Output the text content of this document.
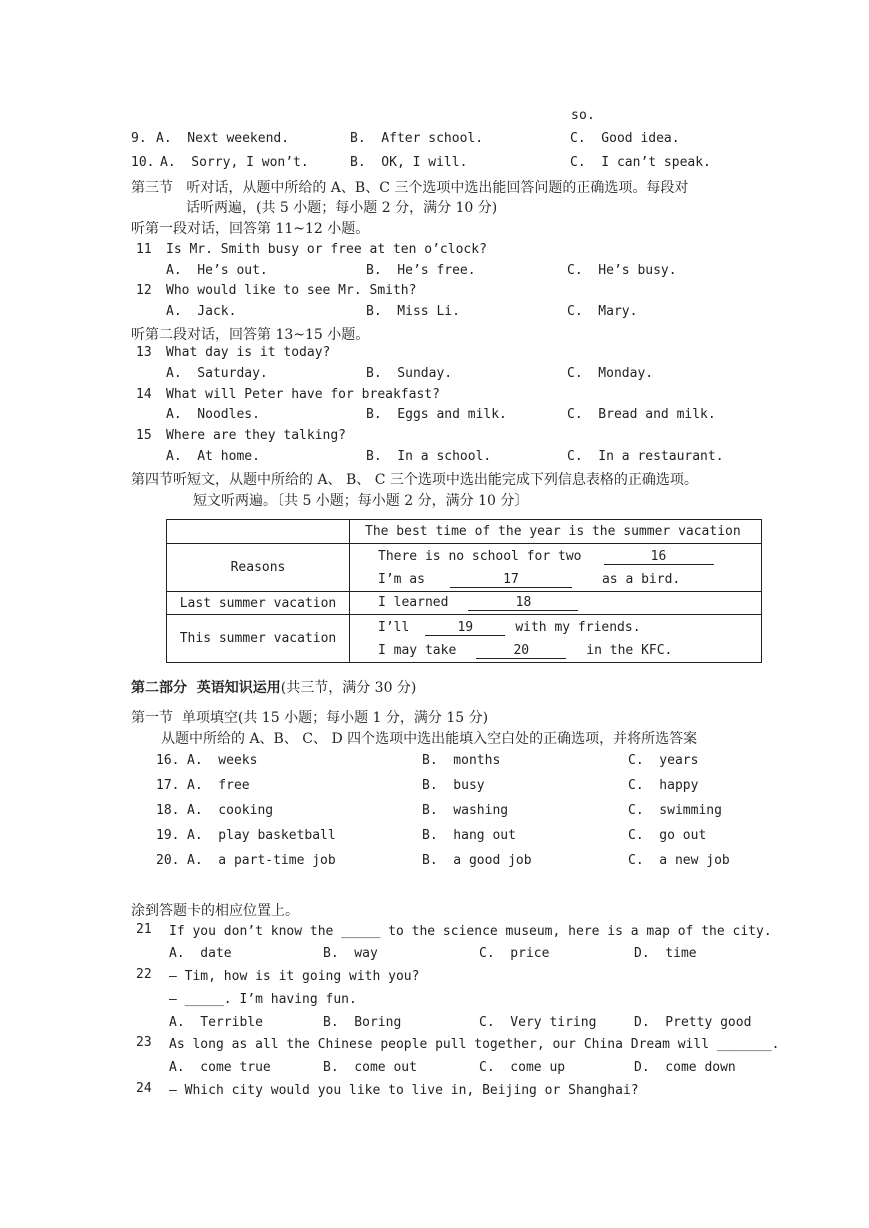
so.
9. A.  Next weekend.	B.  After school.	C.  Good idea.
10. A.  Sorry, I won’t.	B.  OK, I will.	C.  I can’t speak.
第三节   听对话，从题中所给的 A、B、C 三个选项中选出能回答问题的正确选项。每段对
话听两遍，(共 5 小题；每小题 2 分，满分 10 分)
听第一段对话，回答第 11~12 小题。
11 Is Mr. Smith busy or free at ten o’clock?
A.  He’s out.	B.  He’s free.	C.  He’s busy.
12 Who would like to see Mr. Smith?
A.  Jack.	B.  Miss Li.	C.  Mary.
听第二段对话，回答第 13~15 小题。
13 What day is it today?
A.  Saturday.	B.  Sunday.	C.  Monday.
14 What will Peter have for breakfast?
A.  Noodles.	B.  Eggs and milk.	C.  Bread and milk.
15 Where are they talking?
A.  At home.	B.  In a school.	C.  In a restaurant.
第四节听短文，从题中所给的 A、 B、 C 三个选项中选出能完成下列信息表格的正确选项。
短文听两遍。〔共 5 小题；每小题 2 分，满分 10 分〕
	The best time of the year is the summer vacation
Reasons	There is no school for two 16
I’m as 17 as a bird.

Last summer vacation	I learned 18
This summer vacation	I’ll 19 with my friends.
I may take 20 in the KFC.
第二部分  英语知识运用(共三节，满分 30 分)
第一节  单项填空(共 15 小题；每小题 1 分，满分 15 分)
从题中所给的 A、B、 C、 D 四个选项中选出能填入空白处的正确选项，并将所选答案
16. A.  weeks	B.  months	C.  years
17. A.  free	B.  busy	C.  happy
18. A.  cooking	B.  washing	C.  swimming
19. A.  play basketball	B.  hang out	C.  go out
20. A.  a part-time job	B.  a good job	C.  a new job
涂到答题卡的相应位置上。
21 If you don’t know the _____ to the science museum, here is a map of the city.
A.  date	B.  way	C.  price	D.  time
22 — Tim, how is it going with you?
— _____. I’m having fun.
A.  Terrible	B.  Boring	C.  Very tiring	D.  Pretty good
23 As long as all the Chinese people pull together, our China Dream will _______.
A.  come true	B.  come out	C.  come up	D.  come down
24 — Which city would you like to live in, Beijing or Shanghai?
